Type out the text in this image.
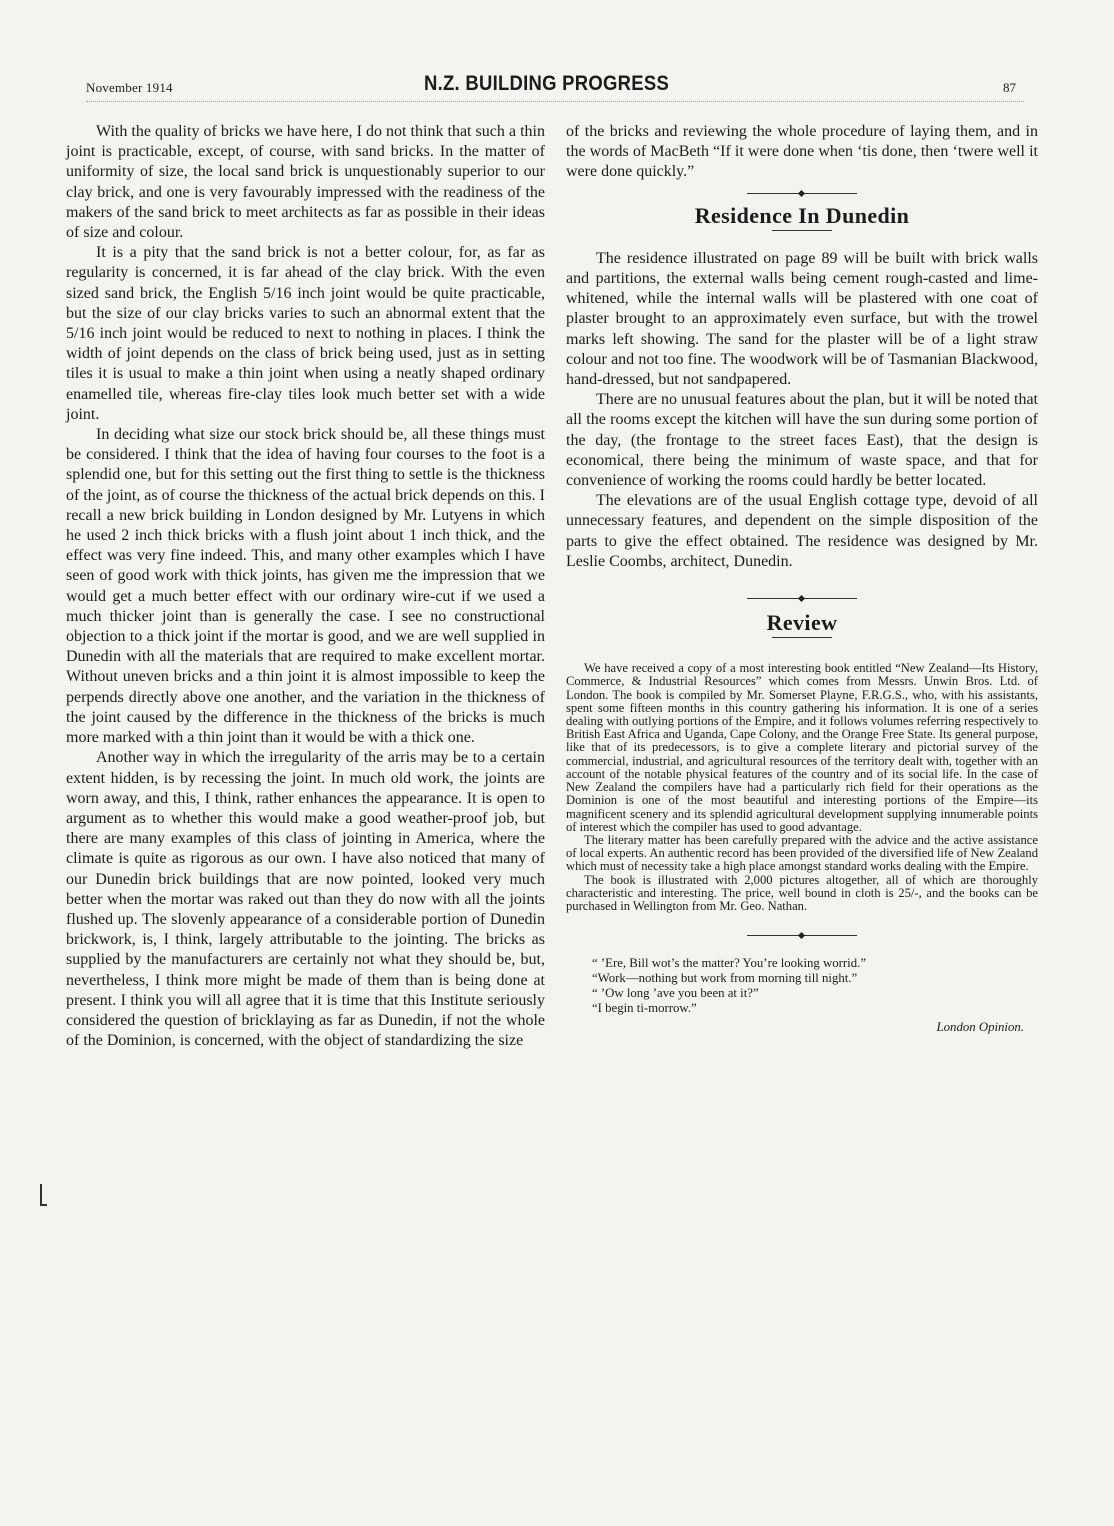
November 1914	N.Z. BUILDING PROGRESS	87

With the quality of bricks we have here, I do not think that such a thin joint is practicable, except, of course, with sand bricks. In the matter of uniformity of size, the local sand brick is unquestionably superior to our clay brick, and one is very favourably impressed with the readiness of the makers of the sand brick to meet architects as far as possible in their ideas of size and colour.

It is a pity that the sand brick is not a better colour, for, as far as regularity is concerned, it is far ahead of the clay brick. With the even sized sand brick, the English 5/16 inch joint would be quite practicable, but the size of our clay bricks varies to such an abnormal extent that the 5/16 inch joint would be reduced to next to nothing in places. I think the width of joint depends on the class of brick being used, just as in setting tiles it is usual to make a thin joint when using a neatly shaped ordinary enamelled tile, whereas fire-clay tiles look much better set with a wide joint.

In deciding what size our stock brick should be, all these things must be considered. I think that the idea of having four courses to the foot is a splendid one, but for this setting out the first thing to settle is the thickness of the joint, as of course the thickness of the actual brick depends on this. I recall a new brick building in London designed by Mr. Lutyens in which he used 2 inch thick bricks with a flush joint about 1 inch thick, and the effect was very fine indeed. This, and many other examples which I have seen of good work with thick joints, has given me the impression that we would get a much better effect with our ordinary wire-cut if we used a much thicker joint than is generally the case. I see no constructional objection to a thick joint if the mortar is good, and we are well supplied in Dunedin with all the materials that are required to make excellent mortar. Without uneven bricks and a thin joint it is almost impossible to keep the perpends directly above one another, and the variation in the thickness of the joint caused by the difference in the thickness of the bricks is much more marked with a thin joint than it would be with a thick one.

Another way in which the irregularity of the arris may be to a certain extent hidden, is by recessing the joint. In much old work, the joints are worn away, and this, I think, rather enhances the appearance. It is open to argument as to whether this would make a good weather-proof job, but there are many examples of this class of jointing in America, where the climate is quite as rigorous as our own. I have also noticed that many of our Dunedin brick buildings that are now pointed, looked very much better when the mortar was raked out than they do now with all the joints flushed up. The slovenly appearance of a considerable portion of Dunedin brickwork, is, I think, largely attributable to the jointing. The bricks as supplied by the manufacturers are certainly not what they should be, but, nevertheless, I think more might be made of them than is being done at present. I think you will all agree that it is time that this Institute seriously considered the question of bricklaying as far as Dunedin, if not the whole of the Dominion, is concerned, with the object of standardizing the size

of the bricks and reviewing the whole procedure of laying them, and in the words of MacBeth “If it were done when ‘tis done, then ‘twere well it were done quickly.”

Residence In Dunedin

The residence illustrated on page 89 will be built with brick walls and partitions, the external walls being cement rough-casted and lime-whitened, while the internal walls will be plastered with one coat of plaster brought to an approximately even surface, but with the trowel marks left showing. The sand for the plaster will be of a light straw colour and not too fine. The woodwork will be of Tasmanian Blackwood, hand-dressed, but not sandpapered.

There are no unusual features about the plan, but it will be noted that all the rooms except the kitchen will have the sun during some portion of the day, (the frontage to the street faces East), that the design is economical, there being the minimum of waste space, and that for convenience of working the rooms could hardly be better located.

The elevations are of the usual English cottage type, devoid of all unnecessary features, and dependent on the simple disposition of the parts to give the effect obtained. The residence was designed by Mr. Leslie Coombs, architect, Dunedin.

Review

We have received a copy of a most interesting book entitled “New Zealand—Its History, Commerce, & Industrial Resources” which comes from Messrs. Unwin Bros. Ltd. of London. The book is compiled by Mr. Somerset Playne, F.R.G.S., who, with his assistants, spent some fifteen months in this country gathering his information. It is one of a series dealing with outlying portions of the Empire, and it follows volumes referring respectively to British East Africa and Uganda, Cape Colony, and the Orange Free State. Its general purpose, like that of its predecessors, is to give a complete literary and pictorial survey of the commercial, industrial, and agricultural resources of the territory dealt with, together with an account of the notable physical features of the country and of its social life. In the case of New Zealand the compilers have had a particularly rich field for their operations as the Dominion is one of the most beautiful and interesting portions of the Empire—its magnificent scenery and its splendid agricultural development supplying innumerable points of interest which the compiler has used to good advantage.

The literary matter has been carefully prepared with the advice and the active assistance of local experts. An authentic record has been provided of the diversified life of New Zealand which must of necessity take a high place amongst standard works dealing with the Empire.

The book is illustrated with 2,000 pictures altogether, all of which are thoroughly characteristic and interesting. The price, well bound in cloth is 25/-, and the books can be purchased in Wellington from Mr. Geo. Nathan.

“ ’Ere, Bill wot’s the matter? You’re looking worrid.”
“Work—nothing but work from morning till night.”
“ ’Ow long ’ave you been at it?”
“I begin ti-morrow.”
London Opinion.
